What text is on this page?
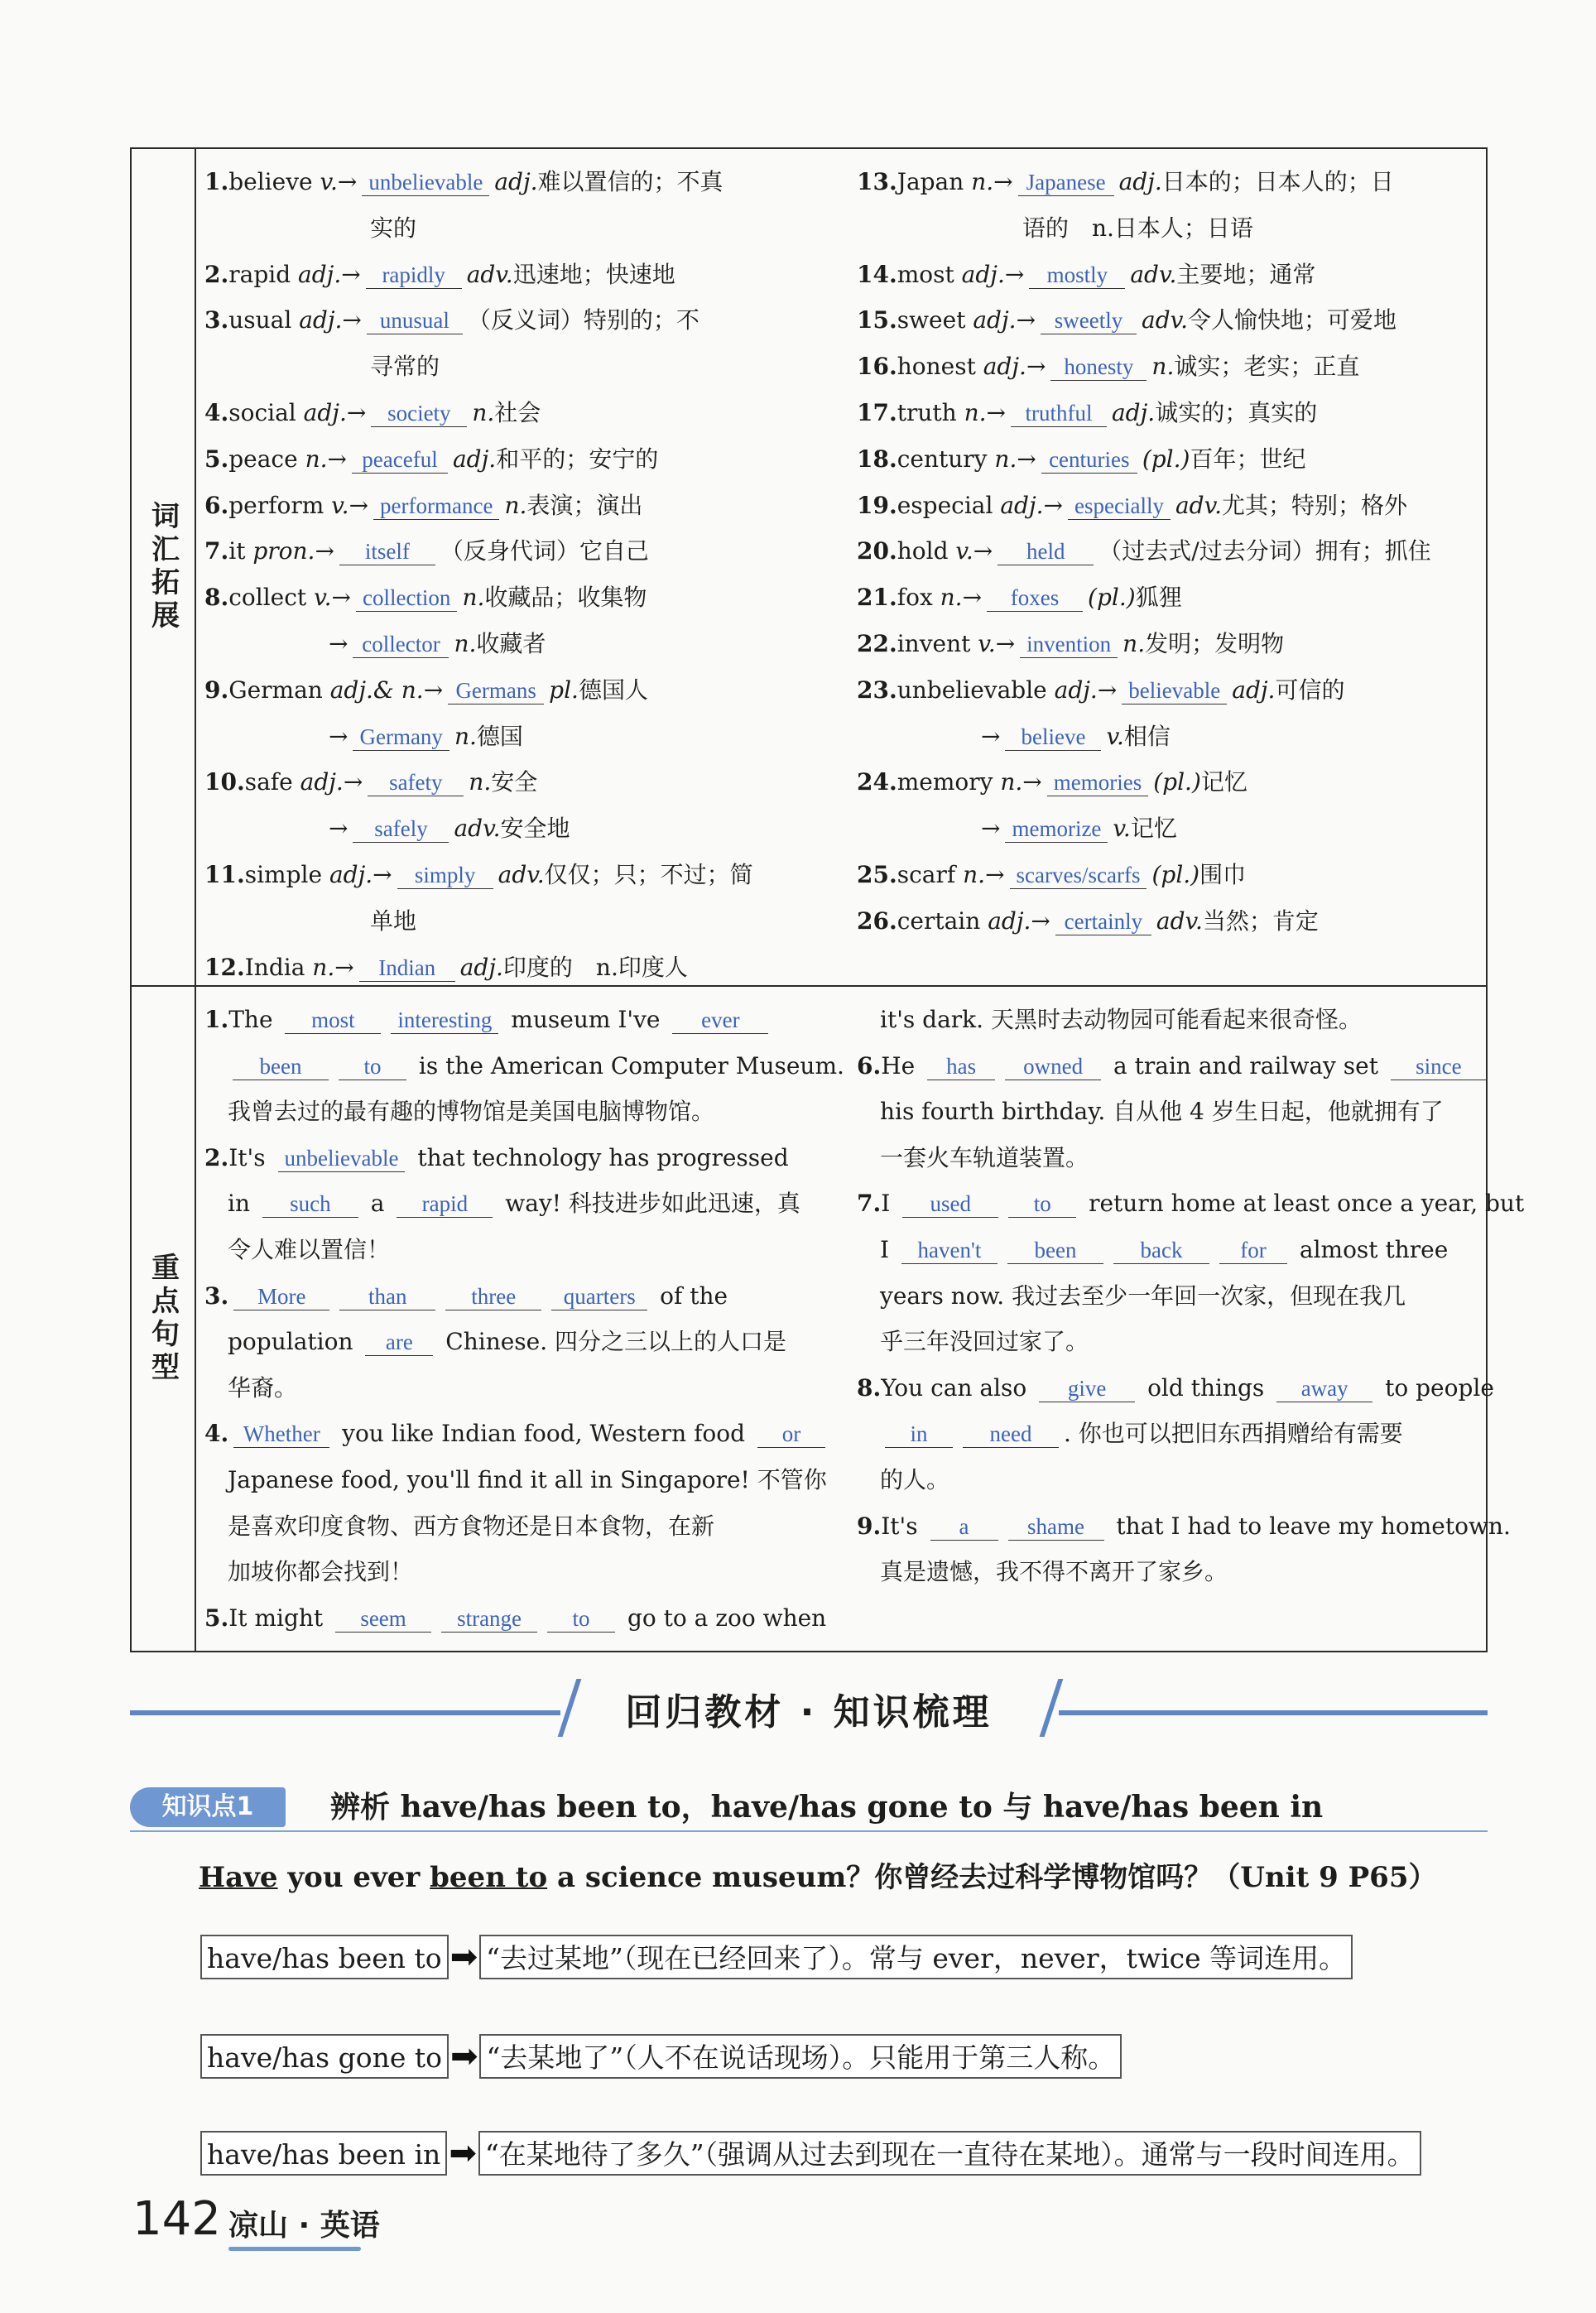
词汇拓展
1.believe v.→ unbelievable adj.难以置信的；不真
实的
2.rapid adj.→ rapidly adv.迅速地；快速地
3.usual adj.→ unusual （反义词）特别的；不
寻常的
4.social adj.→ society n.社会
5.peace n.→ peaceful adj.和平的；安宁的
6.perform v.→ performance n.表演；演出
7.it pron.→ itself （反身代词）它自己
8.collect v.→ collection n.收藏品；收集物
→ collector n.收藏者
9.German adj.& n.→ Germans pl.德国人
→ Germany n.德国
10.safe adj.→ safety n.安全
→ safely adv.安全地
11.simple adj.→ simply adv.仅仅；只；不过；简
单地
12.India n.→ Indian adj.印度的　n.印度人
13.Japan n.→ Japanese adj.日本的；日本人的；日
语的　n.日本人；日语
14.most adj.→ mostly adv.主要地；通常
15.sweet adj.→ sweetly adv.令人愉快地；可爱地
16.honest adj.→ honesty n.诚实；老实；正直
17.truth n.→ truthful adj.诚实的；真实的
18.century n.→ centuries (pl.)百年；世纪
19.especial adj.→ especially adv.尤其；特别；格外
20.hold v.→ held （过去式/过去分词）拥有；抓住
21.fox n.→ foxes (pl.)狐狸
22.invent v.→ invention n.发明；发明物
23.unbelievable adj.→ believable adj.可信的
→ believe v.相信
24.memory n.→ memories (pl.)记忆
→ memorize v.记忆
25.scarf n.→ scarves/scarfs (pl.)围巾
26.certain adj.→ certainly adv.当然；肯定
重点句型
1.The most interesting museum I've ever
been	to is the American Computer Museum.
我曾去过的最有趣的博物馆是美国电脑博物馆。
2.It's unbelievable that technology has progressed
in such a rapid way! 科技进步如此迅速，真
令人难以置信！
3. More	than	three quarters of the
population are Chinese. 四分之三以上的人口是
华裔。
4. Whether you like Indian food, Western food or
Japanese food, you'll find it all in Singapore! 不管你
是喜欢印度食物、西方食物还是日本食物，在新
加坡你都会找到！
5.It might seem strange to go to a zoo when
it's dark. 天黑时去动物园可能看起来很奇怪。
6.He has owned a train and railway set since
his fourth birthday. 自从他 4 岁生日起，他就拥有了
一套火车轨道装置。
7.I used	to return home at least once a year, but
I haven't been	back	for almost three
years now. 我过去至少一年回一次家，但现在我几
乎三年没回过家了。
8.You can also give old things away to people
in	need . 你也可以把旧东西捐赠给有需要
的人。
9.It's a	shame that I had to leave my hometown.
真是遗憾，我不得不离开了家乡。
回归教材 · 知识梳理
知识点1	辨析 have/has been to，have/has gone to 与 have/has been in
Have you ever been to a science museum？你曾经去过科学博物馆吗？（Unit 9 P65）
have/has been to ➡ “去过某地”（现在已经回来了）。常与 ever，never，twice 等词连用。
have/has gone to ➡ “去某地了”（人不在说话现场）。只能用于第三人称。
have/has been in ➡ “在某地待了多久”（强调从过去到现在一直待在某地）。通常与一段时间连用。
142 凉山 · 英语
